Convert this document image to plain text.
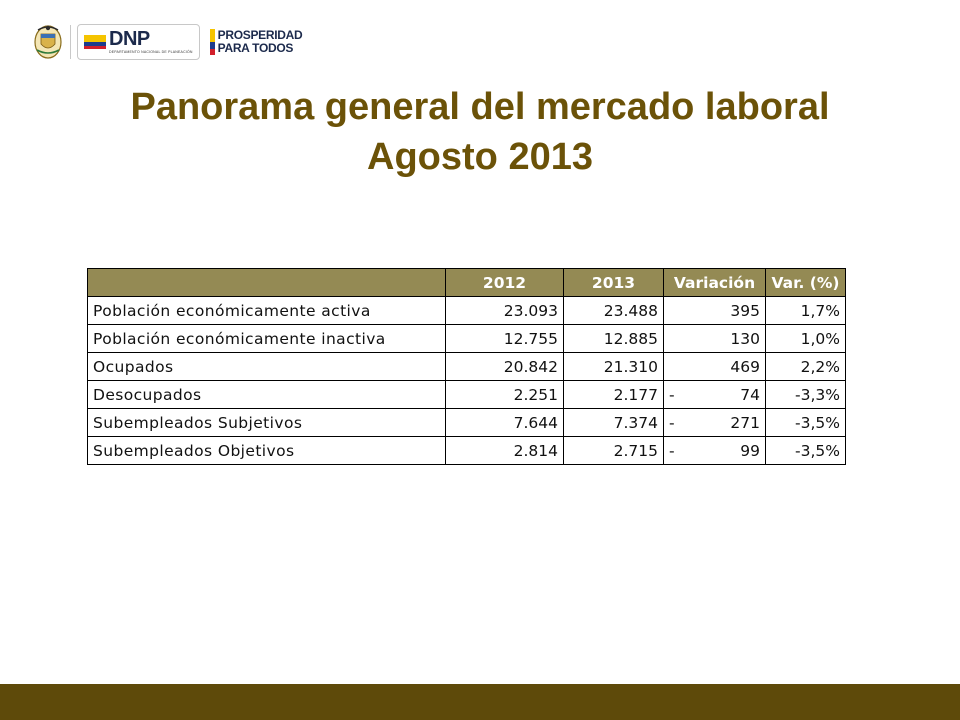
DNP
DEPARTAMENTO NACIONAL DE PLANEACIÓN
PROSPERIDAD
PARA TODOS
Panorama general del mercado laboral
Agosto 2013
	2012	2013	Variación	Var. (%)
Población económicamente activa	23.093	23.488	395	1,7%
Población económicamente inactiva	12.755	12.885	130	1,0%
Ocupados	20.842	21.310	469	2,2%
Desocupados	2.251	2.177	- 74	-3,3%
Subempleados Subjetivos	7.644	7.374	- 271	-3,5%
Subempleados Objetivos	2.814	2.715	- 99	-3,5%
